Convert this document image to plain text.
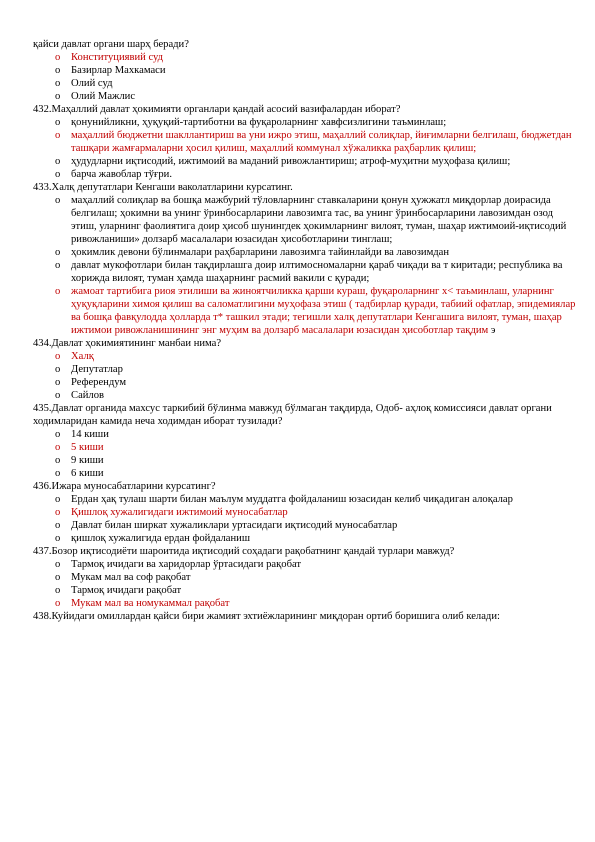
қайси давлат органи шарҳ беради?
o Конституциявий суд
o Базирлар Махкамаси
o Олий суд
o Олий Мажлис
432.Маҳаллий давлат ҳокимияти органлари қандай асосий вазифалардан иборат?
o қонунийликни, ҳуқуқий-тартиботни ва фуқароларнинг хавфсизлигини таъминлаш;
o маҳаллий бюджетни шакллантириш ва уни ижро этиш, маҳаллий солиқлар, йиғимларни белгилаш, бюджетдан ташқари жамғармаларни ҳосил қилиш, маҳаллий коммунал хўжаликка раҳбарлик қилиш;
o ҳудудларни иқтисодий, ижтимоий ва маданий ривожлантириш; атроф-муҳитни муҳофаза қилиш;
o барча жавоблар тўғри.
433.Халқ депутатлари Кенгаши ваколатларини курсатинг.
o маҳаллий солиқлар ва бошқа мажбурий тўловларнинг ставкаларини қонун ҳужжатл миқдорлар доирасида белгилаш; ҳокимни ва унинг ўринбосарларини лавозимга тас, ва унинг ўринбосарларини лавозимдан озод этиш, уларнинг фаолиятига доир ҳисоб шунингдек ҳокимларнинг вилоят, туман, шаҳар ижтимоий-иқтисодий ривожланиши» долзарб масалалари юзасидан ҳисоботларини тинглаш;
o ҳокимлик девони бўлинмалари раҳбарларини лавозимга тайинлайди ва лавозимдан
o давлат мукофотлари билан тақдирлашга доир илтимосномаларни қараб чиқади ва т киритади; республика ва хорижда вилоят, туман ҳамда шаҳарнинг расмий вакили с қуради;
o жамоат тартибига риоя этилиши ва жиноятчиликка қарши кураш, фуқароларнинг х< таъминлаш, уларнинг ҳуқуқларини химоя қилиш ва саломатлигини муҳофаза этиш ( тадбирлар қуради, табиий офатлар, эпидемиялар ва бошқа фавқулодда ҳолларда т* ташкил этади; тегишли халқ депутатлари Кенгашига вилоят, туман, шаҳар ижтимои ривожланишининг энг муҳим ва долзарб масалалари юзасидан ҳисоботлар тақдим э
434.Давлат ҳокимиятининг манбаи нима?
o Халқ
o Депутатлар
o Референдум
o Сайлов
435.Давлат органида махсус таркибий бўлинма мавжуд бўлмаган тақдирда, Одоб- аҳлоқ комиссияси давлат органи ходимларидан камида неча ходимдан иборат тузилади?
o 14 киши
o 5 киши
o 9 киши
o 6 киши
436.Ижара муносабатларини курсатинг?
o Ердан ҳақ тулаш шарти билан маълум муддатга фойдаланиш юзасидан келиб чиқадиган алоқалар
o Қишлоқ хужалигидаги ижтимоий муносабатлар
o Давлат билан ширкат хужаликлари уртасидаги иқтисодий муносабатлар
o қишлоқ хужалигида ердан фойдаланиш
437.Бозор иқтисодиёти шароитида иқтисодий соҳадаги рақобатнинг қандай турлари мавжуд?
o Тармоқ ичидаги ва харидорлар ўртасидаги рақобат
o Мукам мал ва соф рақобат
o Тармоқ ичидаги рақобат
o Мукам мал ва номукаммал рақобат
438.Куйидаги омиллардан қайси бири жамият эхтиёжларининг миқдоран ортиб боришига олиб келади:
